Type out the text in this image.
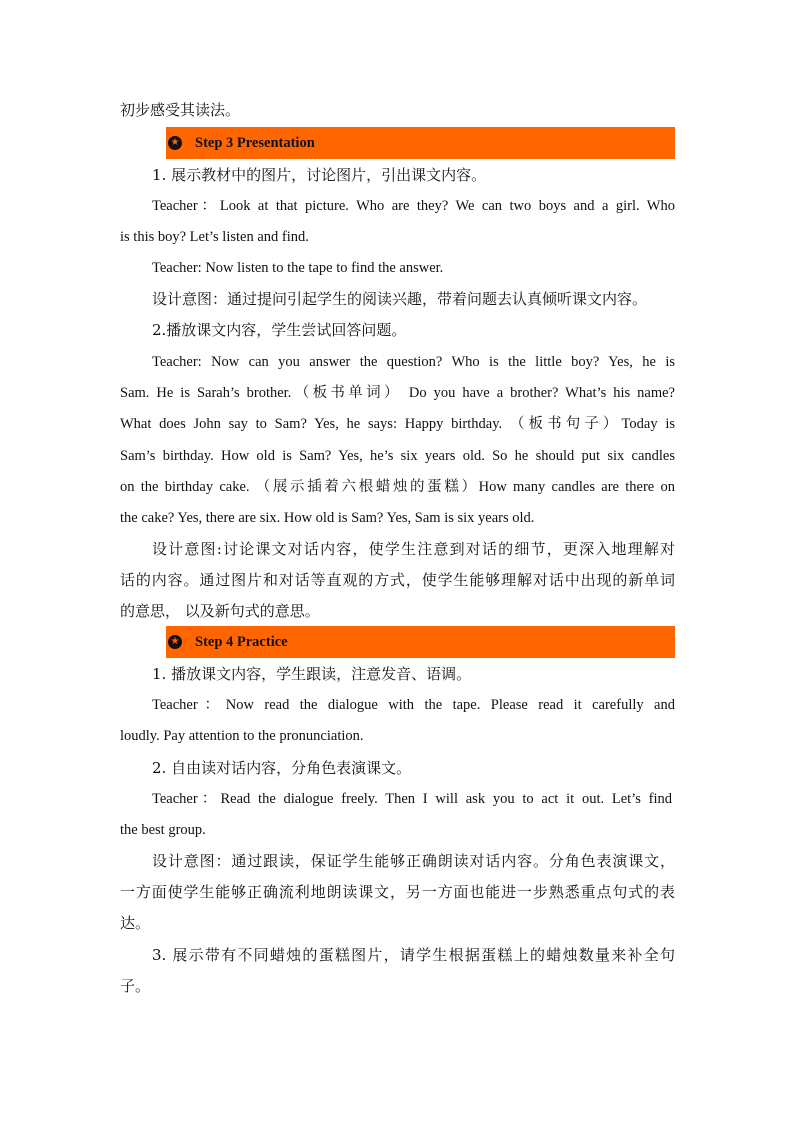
初步感受其读法。
★ Step 3 Presentation
1. 展示教材中的图片，讨论图片，引出课文内容。
Teacher：Look at that picture. Who are they? We can two boys and a girl. Who
is this boy? Let’s listen and find.
Teacher: Now listen to the tape to find the answer.
设计意图：通过提问引起学生的阅读兴趣，带着问题去认真倾听课文内容。
2.播放课文内容，学生尝试回答问题。
Teacher: Now can you answer the question? Who is the little boy? Yes, he is
Sam. He is Sarah’s brother.（板书单词） Do you have a brother? What’s his name?
What does John say to Sam? Yes, he says: Happy birthday. （板书句子）Today is
Sam’s birthday. How old is Sam? Yes, he’s six years old. So he should put six candles
on the birthday cake. （展示插着六根蜡烛的蛋糕）How many candles are there on
the cake? Yes, there are six. How old is Sam? Yes, Sam is six years old.
设计意图:讨论课文对话内容，使学生注意到对话的细节，更深入地理解对
话的内容。通过图片和对话等直观的方式，使学生能够理解对话中出现的新单词
的意思， 以及新句式的意思。
★ Step 4 Practice
1. 播放课文内容，学生跟读，注意发音、语调。
Teacher：Now read the dialogue with the tape. Please read it carefully and
loudly. Pay attention to the pronunciation.
2. 自由读对话内容，分角色表演课文。
Teacher：Read the dialogue freely. Then I will ask you to act it out. Let’s find
the best group.
设计意图：通过跟读，保证学生能够正确朗读对话内容。分角色表演课文，
一方面使学生能够正确流利地朗读课文，另一方面也能进一步熟悉重点句式的表
达。
3. 展示带有不同蜡烛的蛋糕图片，请学生根据蛋糕上的蜡烛数量来补全句
子。
